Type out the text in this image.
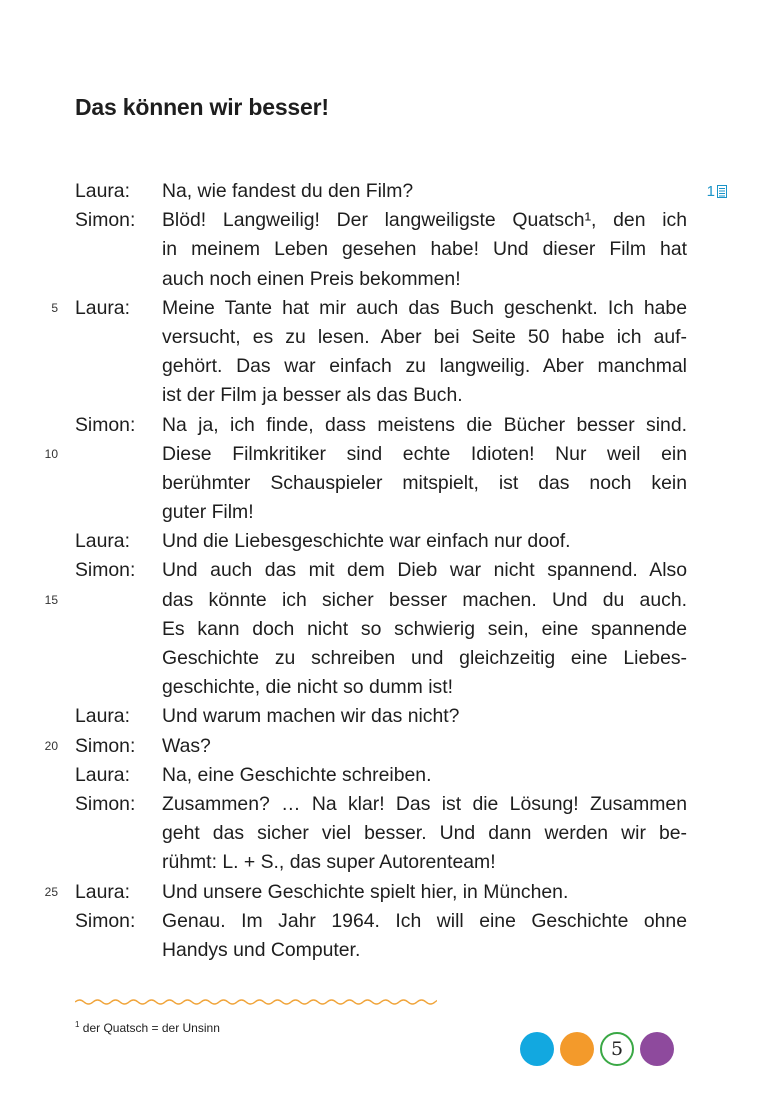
Das können wir besser!
1
Laura: Na, wie fandest du den Film?
Simon: Blöd! Langweilig! Der langweiligste Quatsch¹, den ich
in meinem Leben gesehen habe! Und dieser Film hat
auch noch einen Preis bekommen!
5 Laura: Meine Tante hat mir auch das Buch geschenkt. Ich habe
versucht, es zu lesen. Aber bei Seite 50 habe ich auf-
gehört. Das war einfach zu langweilig. Aber manchmal
ist der Film ja besser als das Buch.
Simon: Na ja, ich finde, dass meistens die Bücher besser sind.
10	Diese Filmkritiker sind echte Idioten! Nur weil ein
berühmter Schauspieler mitspielt, ist das noch kein
guter Film!
Laura: Und die Liebesgeschichte war einfach nur doof.
Simon: Und auch das mit dem Dieb war nicht spannend. Also
15	das könnte ich sicher besser machen. Und du auch.
Es kann doch nicht so schwierig sein, eine spannende
Geschichte zu schreiben und gleichzeitig eine Liebes-
geschichte, die nicht so dumm ist!
Laura: Und warum machen wir das nicht?
20 Simon: Was?
Laura: Na, eine Geschichte schreiben.
Simon: Zusammen? … Na klar! Das ist die Lösung! Zusammen
geht das sicher viel besser. Und dann werden wir be-
rühmt: L. + S., das super Autorenteam!
25 Laura: Und unsere Geschichte spielt hier, in München.
Simon: Genau. Im Jahr 1964. Ich will eine Geschichte ohne
Handys und Computer.
$^1$ der Quatsch = der Unsinn
5
